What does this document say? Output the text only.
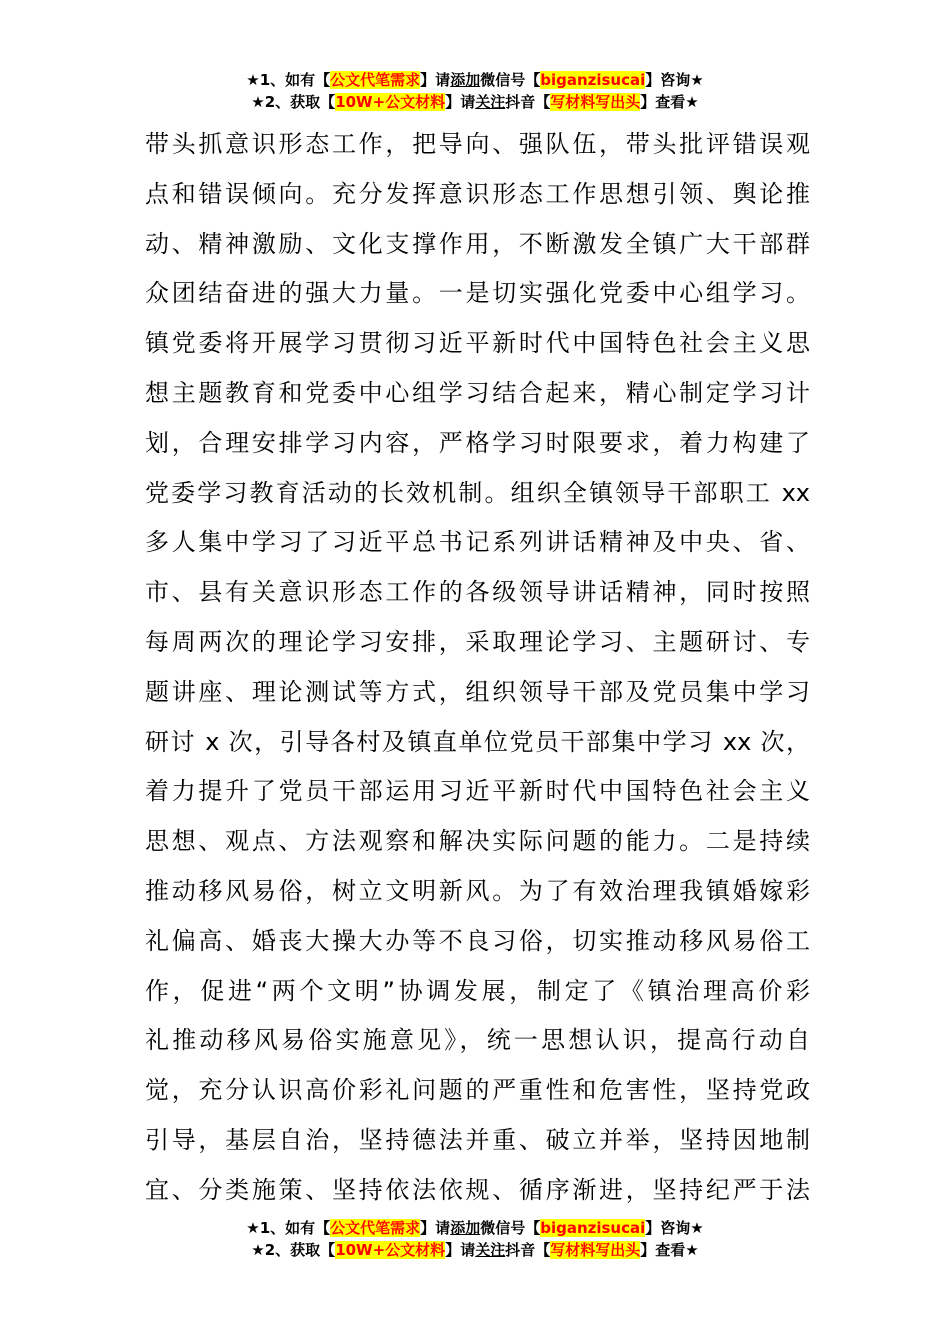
★1、如有【公文代笔需求】请添加微信号【biganzisucai】咨询★
★2、获取【10W+公文材料】请关注抖音【写材料写出头】查看★
带头抓意识形态工作，把导向、强队伍，带头批评错误观
点和错误倾向。充分发挥意识形态工作思想引领、舆论推
动、精神激励、文化支撑作用，不断激发全镇广大干部群
众团结奋进的强大力量。一是切实强化党委中心组学习。
镇党委将开展学习贯彻习近平新时代中国特色社会主义思
想主题教育和党委中心组学习结合起来，精心制定学习计
划，合理安排学习内容，严格学习时限要求，着力构建了
党委学习教育活动的长效机制。组织全镇领导干部职工 xx
多人集中学习了习近平总书记系列讲话精神及中央、省、
市、县有关意识形态工作的各级领导讲话精神，同时按照
每周两次的理论学习安排，采取理论学习、主题研讨、专
题讲座、理论测试等方式，组织领导干部及党员集中学习
研讨 x 次，引导各村及镇直单位党员干部集中学习 xx 次，
着力提升了党员干部运用习近平新时代中国特色社会主义
思想、观点、方法观察和解决实际问题的能力。二是持续
推动移风易俗，树立文明新风。为了有效治理我镇婚嫁彩
礼偏高、婚丧大操大办等不良习俗，切实推动移风易俗工
作，促进“两个文明”协调发展，制定了《镇治理高价彩
礼推动移风易俗实施意见》，统一思想认识，提高行动自
觉，充分认识高价彩礼问题的严重性和危害性，坚持党政
引导，基层自治，坚持德法并重、破立并举，坚持因地制
宜、分类施策、坚持依法依规、循序渐进，坚持纪严于法
★1、如有【公文代笔需求】请添加微信号【biganzisucai】咨询★
★2、获取【10W+公文材料】请关注抖音【写材料写出头】查看★
